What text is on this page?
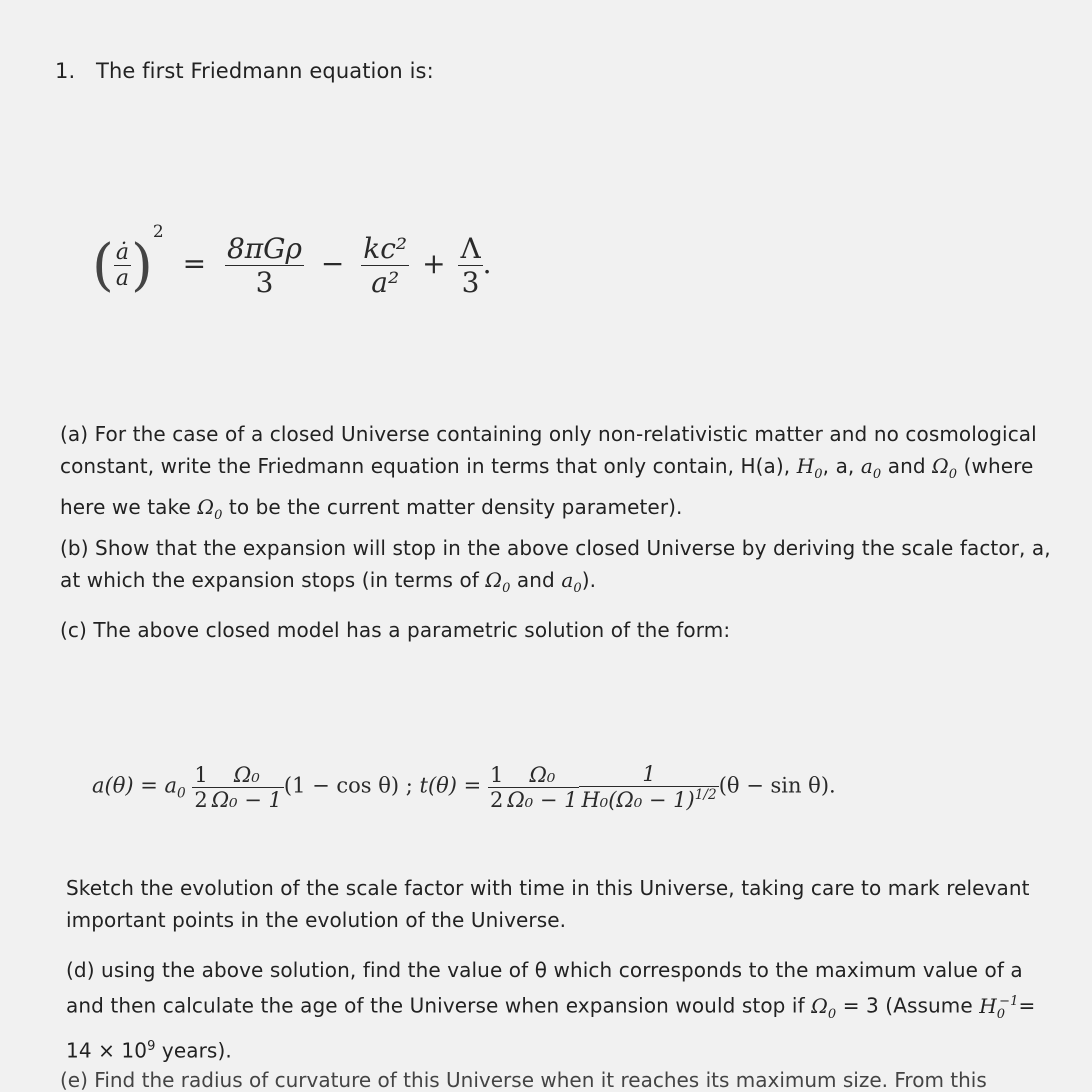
1. The first Friedmann equation is:
( $\frac{ȧ}{a} )^2 = \frac{\text{8πGρ}}{3} - \frac{\text{kc²}}{\text{a²}} + \frac{\Lambda}{3}$ .
(a) For the case of a closed Universe containing only non-relativistic matter and no cosmological
constant, write the Friedmann equation in terms that only contain, H(a), $H_0$, a, $a_0$ and $\Omega_0$ (where
here we take $\Omega_0$ to be the current matter density parameter).
(b) Show that the expansion will stop in the above closed Universe by deriving the scale factor, a,
at which the expansion stops (in terms of $\Omega_0$ and $a_0$).
(c) The above closed model has a parametric solution of the form:
$a(\theta) = a_0 \frac{1}{2} \frac{\text{Ω₀}}{\text{Ω₀ − 1}} (1 - \cos \theta)$ ; $t(\theta) = \frac{1}{2} \frac{\text{Ω₀}}{\text{Ω₀ − 1}} \frac{1}{H_0(\Omega_0 - 1)^{1/2}} (\theta - \sin \theta)$.
Sketch the evolution of the scale factor with time in this Universe, taking care to mark relevant
important points in the evolution of the Universe.
(d) using the above solution, find the value of θ which corresponds to the maximum value of a
and then calculate the age of the Universe when expansion would stop if $\Omega_0 = 3$ (Assume $H_0^{-1}=$
$14 \times 10^9$ years).
(e) Find the radius of curvature of this Universe when it reaches its maximum size. From this
